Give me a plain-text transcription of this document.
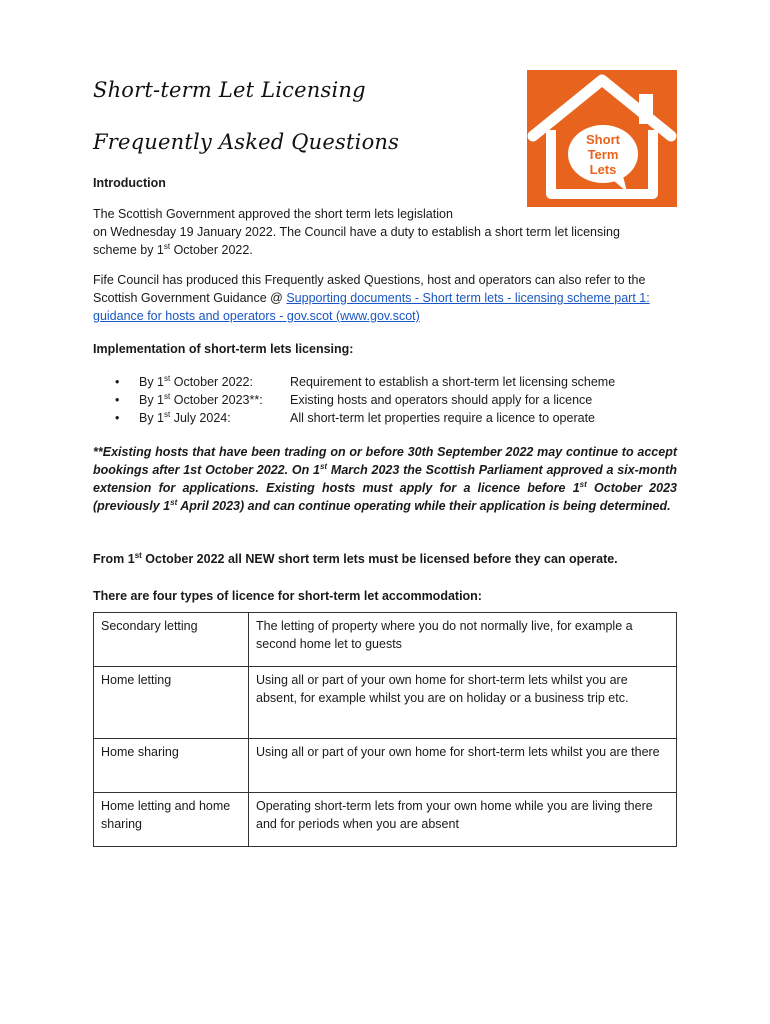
Short-term Let Licensing
Frequently Asked Questions	Short
Term
Lets

Introduction

The Scottish Government approved the short term lets legislation

on Wednesday 19 January 2022. The Council have a duty to establish a short term let licensing

scheme by 1st October 2022.

Fife Council has produced this Frequently asked Questions, host and operators can also refer to the Scottish Government Guidance @ Supporting documents - Short term lets - licensing scheme part 1: guidance for hosts and operators - gov.scot (www.gov.scot)

Implementation of short-term lets licensing:

• By 1st October 2022:	Requirement to establish a short-term let licensing scheme
• By 1st October 2023**: Existing hosts and operators should apply for a licence
• By 1st July 2024:	All short-term let properties require a licence to operate

**Existing hosts that have been trading on or before 30th September 2022 may continue to accept bookings after 1st October 2022. On 1st March 2023 the Scottish Parliament approved a six-month extension for applications. Existing hosts must apply for a licence before 1st October 2023 (previously 1st April 2023) and can continue operating while their application is being determined.

From 1st October 2022 all NEW short term lets must be licensed before they can operate.

There are four types of licence for short-term let accommodation:

Secondary letting	The letting of property where you do not normally live, for example a second home let to guests
Home letting	Using all or part of your own home for short-term lets whilst you are absent, for example whilst you are on holiday or a business trip etc.
Home sharing	Using all or part of your own home for short-term lets whilst you are there
Home letting and home sharing	Operating short-term lets from your own home while you are living there and for periods when you are absent
